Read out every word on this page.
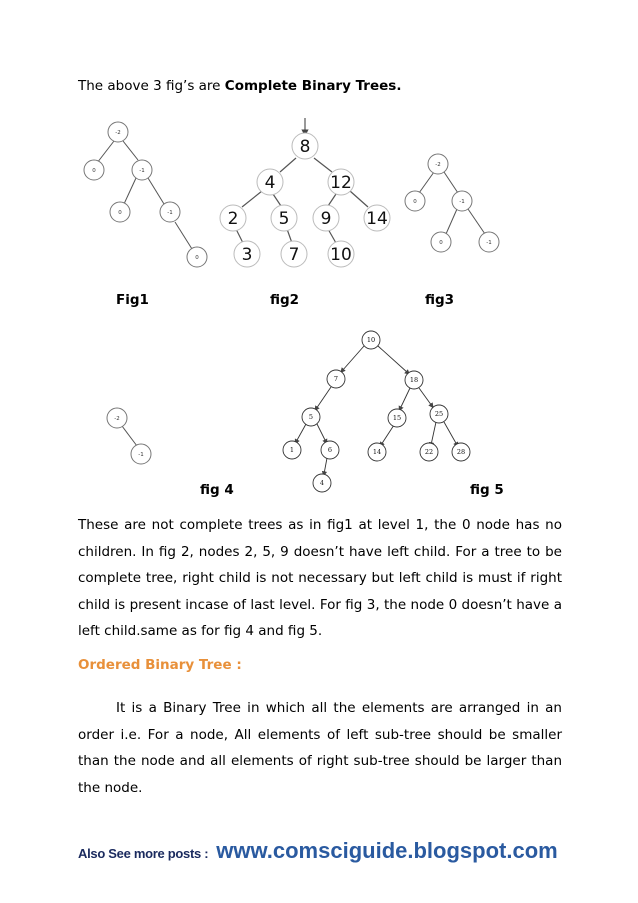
The above 3 fig’s are Complete Binary Trees.
-2
0	-1
0	-1
0
8
4	12
2 5 9 14
3 7 10
-2
0	-1
0	-1
-2
-1
10
7	18
5	15	25
1	6	14	22	28
4
Fig1	fig2	fig3
fig 4	fig 5

These are not complete trees as in fig1 at level 1, the 0 node has no children. In fig 2, nodes 2, 5, 9 doesn’t have left child. For a tree to be complete tree, right child is not necessary but left child is must if right child is present incase of last level. For fig 3, the node 0 doesn’t have a left child.same as for fig 4 and fig 5.

Ordered Binary Tree :

It is a Binary Tree in which all the elements are arranged in an order i.e. For a node, All elements of left sub-tree should be smaller than the node and all elements of right sub-tree should be larger than the node.

Also See more posts : www.comsciguide.blogspot.com
